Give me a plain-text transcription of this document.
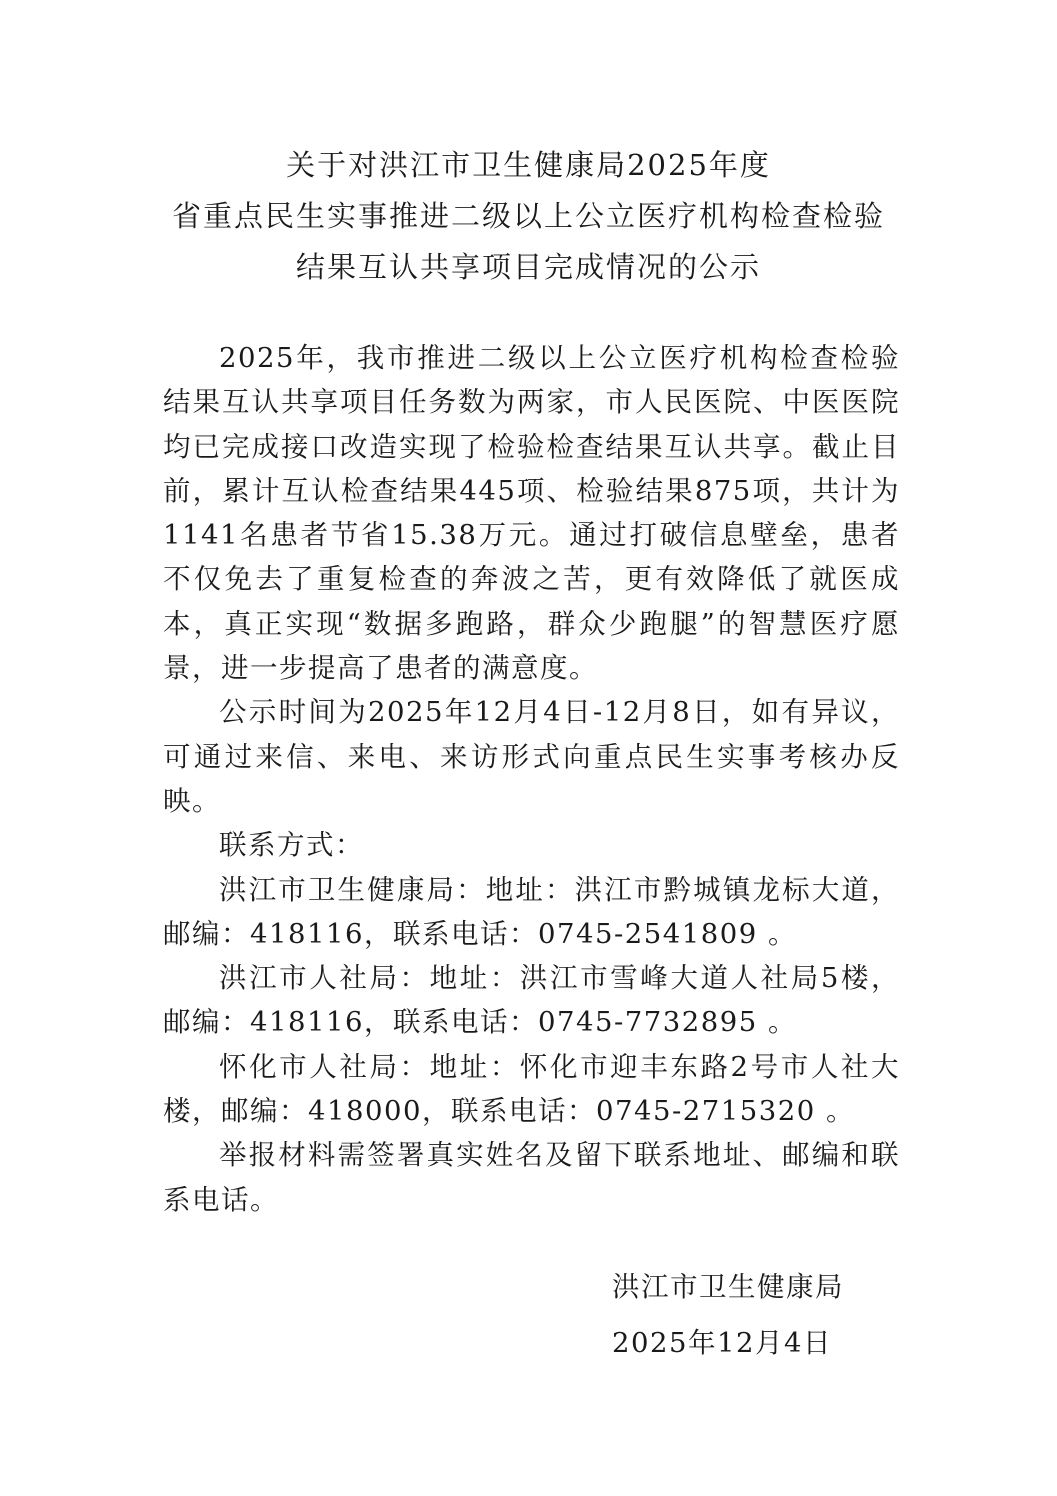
关于对洪江市卫生健康局2025年度
省重点民生实事推进二级以上公立医疗机构检查检验
结果互认共享项目完成情况的公示

2025年，我市推进二级以上公立医疗机构检查检验结果互认共享项目任务数为两家，市人民医院、中医医院均已完成接口改造实现了检验检查结果互认共享。截止目前，累计互认检查结果445项、检验结果875项，共计为1141名患者节省15.38万元。通过打破信息壁垒，患者不仅免去了重复检查的奔波之苦，更有效降低了就医成本，真正实现“数据多跑路，群众少跑腿”的智慧医疗愿景，进一步提高了患者的满意度。

公示时间为2025年12月4日-12月8日，如有异议，可通过来信、来电、来访形式向重点民生实事考核办反映。

联系方式：

洪江市卫生健康局：地址：洪江市黔城镇龙标大道，邮编：418116，联系电话：0745-2541809 。

洪江市人社局：地址：洪江市雪峰大道人社局5楼，邮编：418116，联系电话：0745-7732895 。

怀化市人社局：地址：怀化市迎丰东路2号市人社大楼，邮编：418000，联系电话：0745-2715320 。

举报材料需签署真实姓名及留下联系地址、邮编和联系电话。

洪江市卫生健康局
2025年12月4日
